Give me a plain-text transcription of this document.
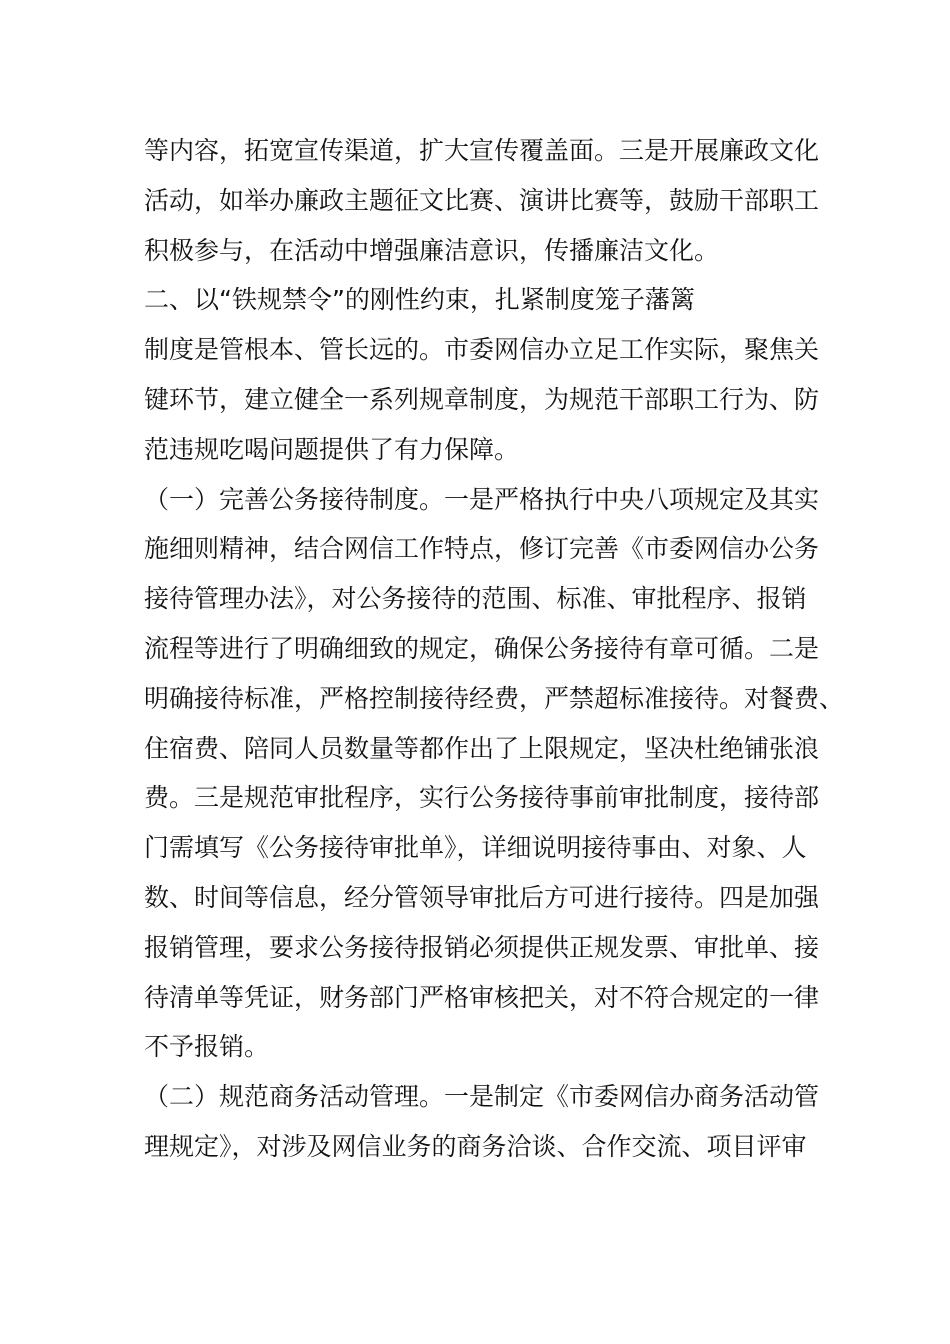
等内容，拓宽宣传渠道，扩大宣传覆盖面。三是开展廉政文化
活动，如举办廉政主题征文比赛、演讲比赛等，鼓励干部职工
积极参与，在活动中增强廉洁意识，传播廉洁文化。
二、以“铁规禁令”的刚性约束，扎紧制度笼子藩篱
制度是管根本、管长远的。市委网信办立足工作实际，聚焦关
键环节，建立健全一系列规章制度，为规范干部职工行为、防
范违规吃喝问题提供了有力保障。
（一）完善公务接待制度。一是严格执行中央八项规定及其实
施细则精神，结合网信工作特点，修订完善《市委网信办公务
接待管理办法》，对公务接待的范围、标准、审批程序、报销
流程等进行了明确细致的规定，确保公务接待有章可循。二是
明确接待标准，严格控制接待经费，严禁超标准接待。对餐费、
住宿费、陪同人员数量等都作出了上限规定，坚决杜绝铺张浪
费。三是规范审批程序，实行公务接待事前审批制度，接待部
门需填写《公务接待审批单》，详细说明接待事由、对象、人
数、时间等信息，经分管领导审批后方可进行接待。四是加强
报销管理，要求公务接待报销必须提供正规发票、审批单、接
待清单等凭证，财务部门严格审核把关，对不符合规定的一律
不予报销。
（二）规范商务活动管理。一是制定《市委网信办商务活动管
理规定》，对涉及网信业务的商务洽谈、合作交流、项目评审
